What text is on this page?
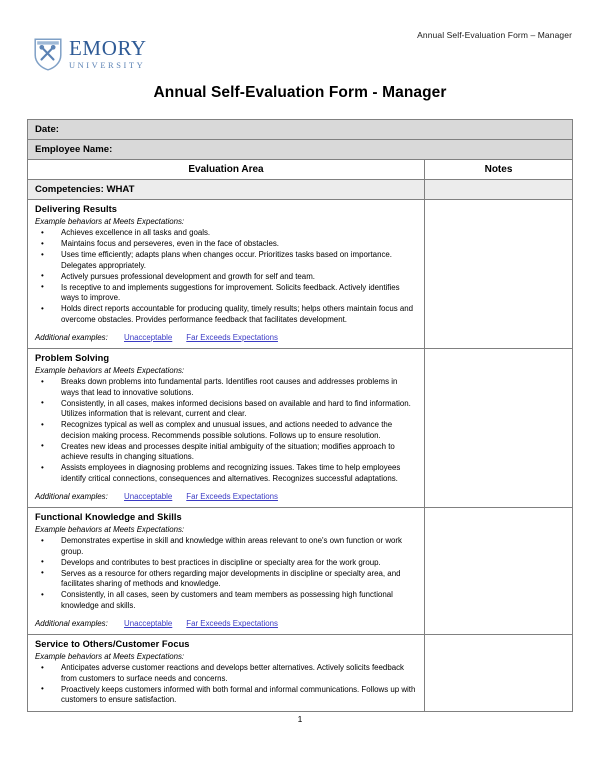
Annual Self-Evaluation Form – Manager
EMORY
UNIVERSITY
Annual Self-Evaluation Form - Manager
Date:	
Employee Name:	
Evaluation Area	Notes
Competencies: WHAT	

Delivering Results
Example behaviors at Meets Expectations:
• Achieves excellence in all tasks and goals.
• Maintains focus and perseveres, even in the face of obstacles.
• Uses time efficiently; adapts plans when changes occur. Prioritizes tasks based on importance. Delegates appropriately.
• Actively pursues professional development and growth for self and team.
• Is receptive to and implements suggestions for improvement. Solicits feedback. Actively identifies ways to improve.
• Holds direct reports accountable for producing quality, timely results; helps others maintain focus and overcome obstacles. Provides performance feedback that facilitates development.
Additional examples: Unacceptable Far Exceeds Expectations

Problem Solving
Example behaviors at Meets Expectations:
• Breaks down problems into fundamental parts. Identifies root causes and addresses problems in ways that lead to innovative solutions.
• Consistently, in all cases, makes informed decisions based on available and hard to find information. Utilizes information that is relevant, current and clear.
• Recognizes typical as well as complex and unusual issues, and actions needed to advance the decision making process. Recommends possible solutions. Follows up to ensure resolution.
• Creates new ideas and processes despite initial ambiguity of the situation; modifies approach to achieve results in changing situations.
• Assists employees in diagnosing problems and recognizing issues. Takes time to help employees identify critical connections, consequences and alternatives. Recognizes successful adaptations.
Additional examples: Unacceptable Far Exceeds Expectations

Functional Knowledge and Skills
Example behaviors at Meets Expectations:
• Demonstrates expertise in skill and knowledge within areas relevant to one's own function or work group.
• Develops and contributes to best practices in discipline or specialty area for the work group.
• Serves as a resource for others regarding major developments in discipline or specialty area, and facilitates sharing of methods and knowledge.
• Consistently, in all cases, seen by customers and team members as possessing high functional knowledge and skills.
Additional examples: Unacceptable Far Exceeds Expectations

Service to Others/Customer Focus
Example behaviors at Meets Expectations:
• Anticipates adverse customer reactions and develops better alternatives. Actively solicits feedback from customers to surface needs and concerns.
• Proactively keeps customers informed with both formal and informal communications. Follows up with customers to ensure satisfaction.

1
